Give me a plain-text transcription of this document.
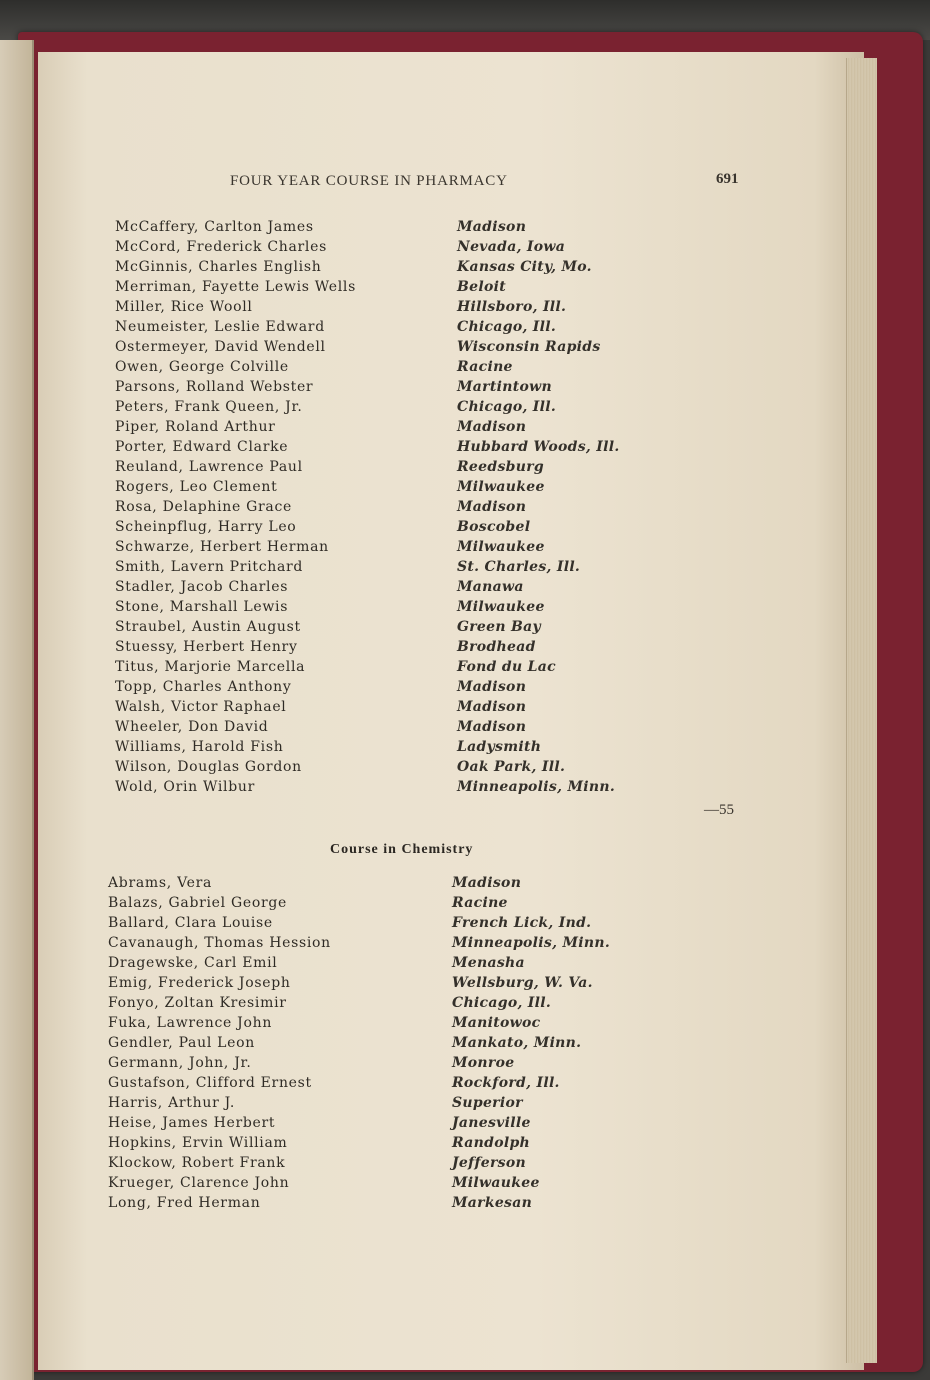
FOUR YEAR COURSE IN PHARMACY	691
McCaffery, Carlton James	Madison
McCord, Frederick Charles	Nevada, Iowa
McGinnis, Charles English	Kansas City, Mo.
Merriman, Fayette Lewis Wells	Beloit
Miller, Rice Wooll	Hillsboro, Ill.
Neumeister, Leslie Edward	Chicago, Ill.
Ostermeyer, David Wendell	Wisconsin Rapids
Owen, George Colville	Racine
Parsons, Rolland Webster	Martintown
Peters, Frank Queen, Jr.	Chicago, Ill.
Piper, Roland Arthur	Madison
Porter, Edward Clarke	Hubbard Woods, Ill.
Reuland, Lawrence Paul	Reedsburg
Rogers, Leo Clement	Milwaukee
Rosa, Delaphine Grace	Madison
Scheinpflug, Harry Leo	Boscobel
Schwarze, Herbert Herman	Milwaukee
Smith, Lavern Pritchard	St. Charles, Ill.
Stadler, Jacob Charles	Manawa
Stone, Marshall Lewis	Milwaukee
Straubel, Austin August	Green Bay
Stuessy, Herbert Henry	Brodhead
Titus, Marjorie Marcella	Fond du Lac
Topp, Charles Anthony	Madison
Walsh, Victor Raphael	Madison
Wheeler, Don David	Madison
Williams, Harold Fish	Ladysmith
Wilson, Douglas Gordon	Oak Park, Ill.
Wold, Orin Wilbur	Minneapolis, Minn.
—55
Course in Chemistry
Abrams, Vera	Madison
Balazs, Gabriel George	Racine
Ballard, Clara Louise	French Lick, Ind.
Cavanaugh, Thomas Hession	Minneapolis, Minn.
Dragewske, Carl Emil	Menasha
Emig, Frederick Joseph	Wellsburg, W. Va.
Fonyo, Zoltan Kresimir	Chicago, Ill.
Fuka, Lawrence John	Manitowoc
Gendler, Paul Leon	Mankato, Minn.
Germann, John, Jr.	Monroe
Gustafson, Clifford Ernest	Rockford, Ill.
Harris, Arthur J.	Superior
Heise, James Herbert	Janesville
Hopkins, Ervin William	Randolph
Klockow, Robert Frank	Jefferson
Krueger, Clarence John	Milwaukee
Long, Fred Herman	Markesan
